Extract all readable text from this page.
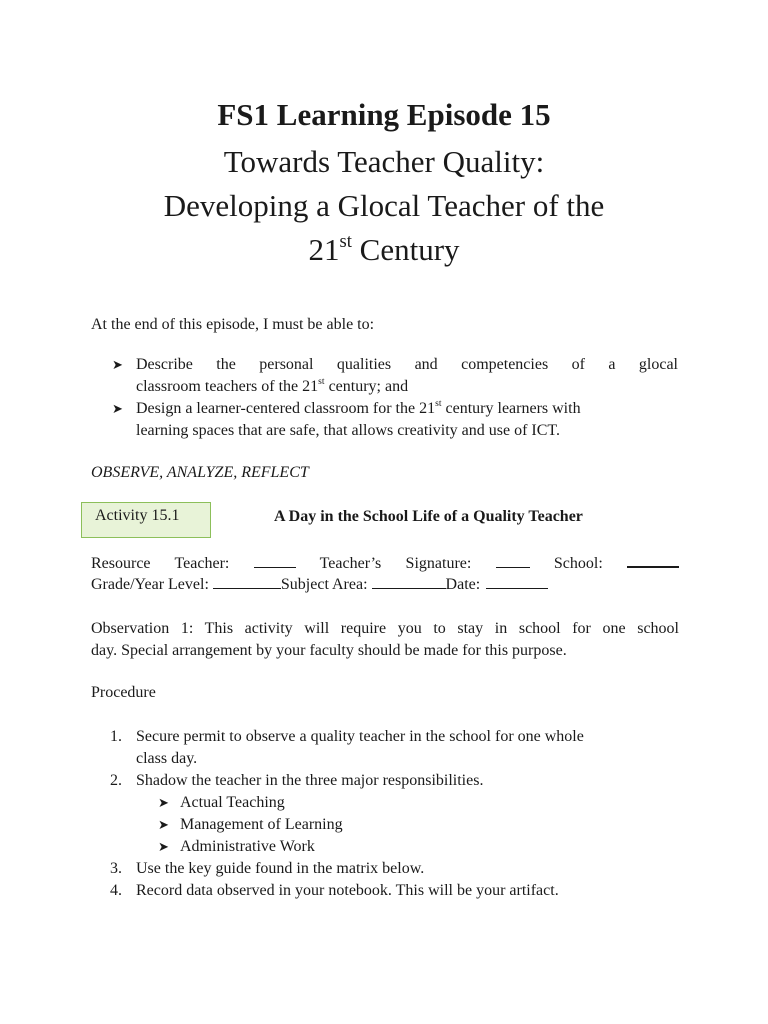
FS1 Learning Episode 15
Towards Teacher Quality:
Developing a Glocal Teacher of the
21st Century
At the end of this episode, I must be able to:
➤ Describe the personal qualities and competencies of a glocal
classroom teachers of the 21st century; and
➤ Design a learner-centered classroom for the 21st century learners with
learning spaces that are safe, that allows creativity and use of ICT.
OBSERVE, ANALYZE, REFLECT
Activity 15.1	A Day in the School Life of a Quality Teacher
Resource Teacher:	Teacher’s Signature:	School:
Grade/Year Level:	Subject Area:	Date:
Observation 1: This activity will require you to stay in school for one school
day. Special arrangement by your faculty should be made for this purpose.
Procedure
1. Secure permit to observe a quality teacher in the school for one whole
class day.
2. Shadow the teacher in the three major responsibilities.
➤ Actual Teaching
➤ Management of Learning
➤ Administrative Work
3. Use the key guide found in the matrix below.
4. Record data observed in your notebook. This will be your artifact.
